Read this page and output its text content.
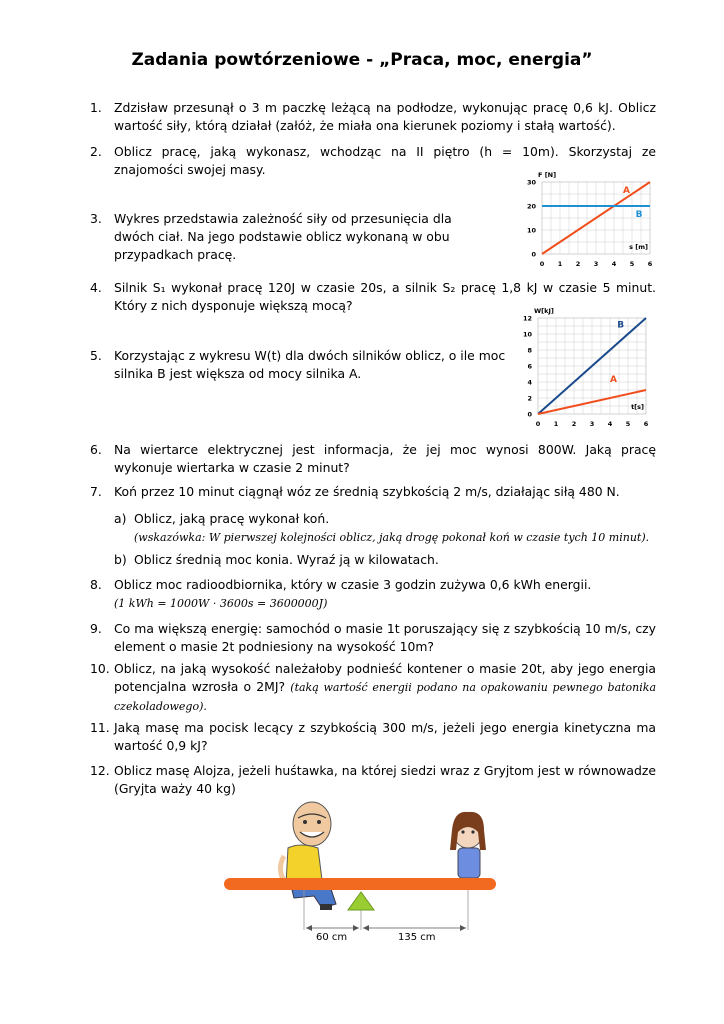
Zadania powtórzeniowe - „Praca, moc, energia”
1. Zdzisław przesunął o 3 m paczkę leżącą na podłodze, wykonując pracę 0,6 kJ. Oblicz wartość siły, którą działał (załóż, że miała ona kierunek poziomy i stałą wartość).
2. Oblicz pracę, jaką wykonasz, wchodząc na II piętro (h = 10m). Skorzystaj ze znajomości swojej masy.
3. Wykres przedstawia zależność siły od przesunięcia dla dwóch ciał. Na jego podstawie oblicz wykonaną w obu przypadkach pracę.
0 1 2 3 4 5 6
0
10
20
30
F [N]
s [m]
A
B
4. Silnik S₁ wykonał pracę 120J w czasie 20s, a silnik S₂ pracę 1,8 kJ w czasie 5 minut. Który z nich dysponuje większą mocą?
5. Korzystając z wykresu W(t) dla dwóch silników oblicz, o ile moc silnika B jest większa od mocy silnika A.
0 1 2 3 4 5 6
0
2
4
6
8
10
12
W[kJ]
t[s]
B
A
6. Na wiertarce elektrycznej jest informacja, że jej moc wynosi 800W. Jaką pracę wykonuje wiertarka w czasie 2 minut?
7. Koń przez 10 minut ciągnął wóz ze średnią szybkością 2 m/s, działając siłą 480 N.
a) Oblicz, jaką pracę wykonał koń.
(wskazówka: W pierwszej kolejności oblicz, jaką drogę pokonał koń w czasie tych 10 minut).
b) Oblicz średnią moc konia. Wyraź ją w kilowatach.
8. Oblicz moc radioodbiornika, który w czasie 3 godzin zużywa 0,6 kWh energii.
(1 kWh = 1000W · 3600s = 3600000J)
9. Co ma większą energię: samochód o masie 1t poruszający się z szybkością 10 m/s, czy element o masie 2t podniesiony na wysokość 10m?
10. Oblicz, na jaką wysokość należałoby podnieść kontener o masie 20t, aby jego energia potencjalna wzrosła o 2MJ? (taką wartość energii podano na opakowaniu pewnego batonika czekoladowego).
11. Jaką masę ma pocisk lecący z szybkością 300 m/s, jeżeli jego energia kinetyczna ma wartość 0,9 kJ?
12. Oblicz masę Alojza, jeżeli huśtawka, na której siedzi wraz z Gryjtom jest w równowadze (Gryjta waży 40 kg)
60 cm	135 cm
